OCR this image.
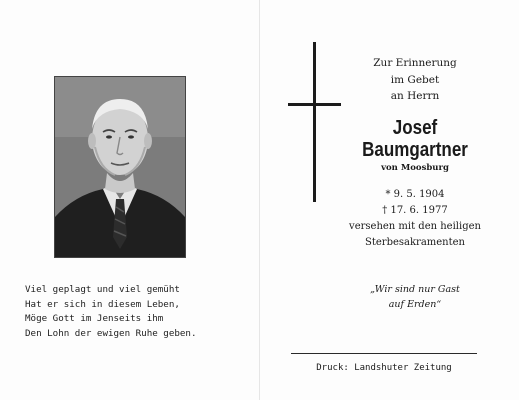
Viel geplagt und viel gemüht
Hat er sich in diesem Leben,
Möge Gott im Jenseits ihm
Den Lohn der ewigen Ruhe geben.
Zur Erinnerung
im Gebet
an Herrn
Josef
Baumgartner
von Moosburg
* 9. 5. 1904
† 17. 6. 1977
versehen mit den heiligen
Sterbesakramenten
„Wir sind nur Gast
auf Erden“
Druck: Landshuter Zeitung
